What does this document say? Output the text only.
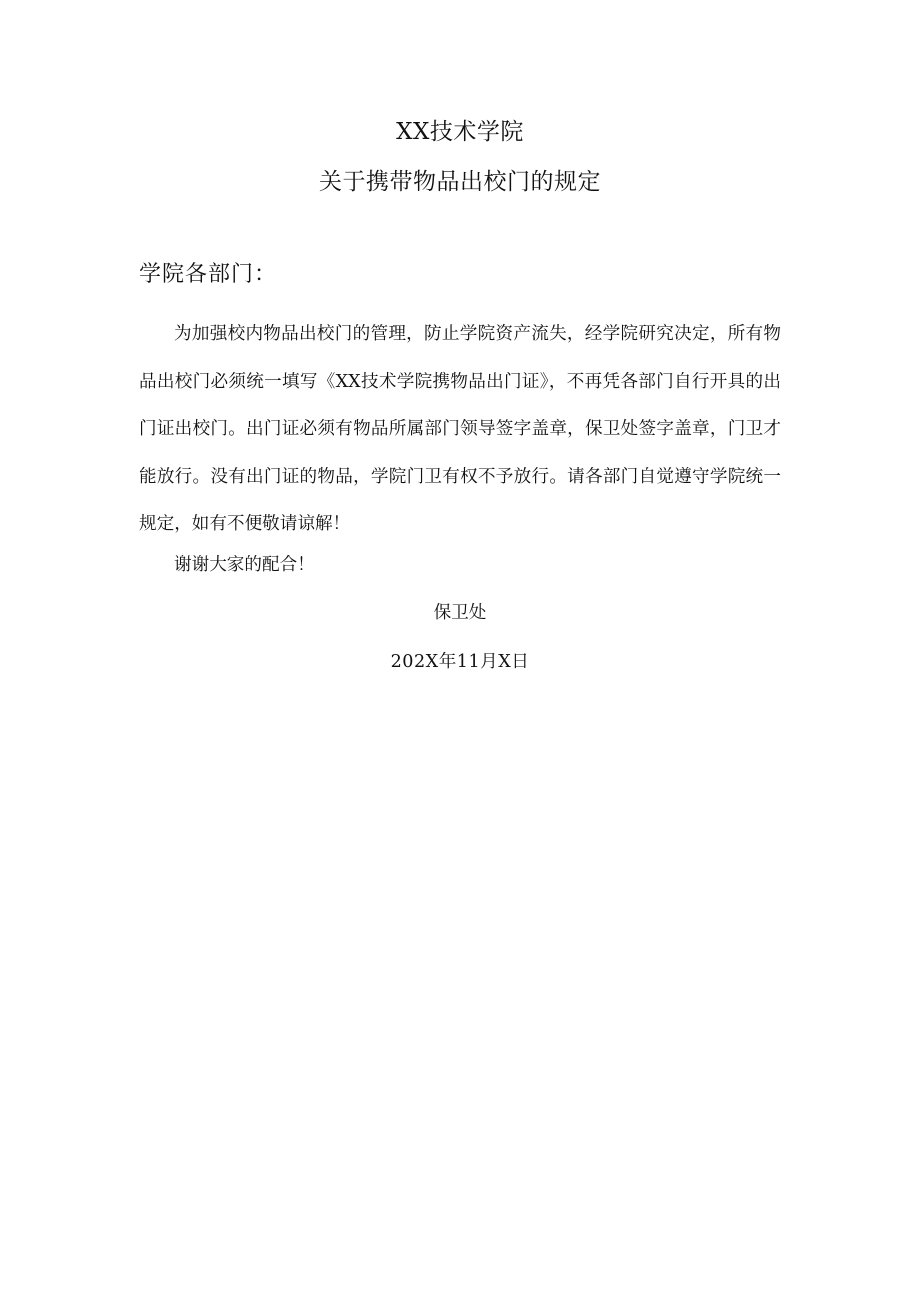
XX技术学院
关于携带物品出校门的规定
学院各部门：

为加强校内物品出校门的管理，防止学院资产流失，经学院研究决定，所有物品出校门必须统一填写《XX技术学院携物品出门证》，不再凭各部门自行开具的出门证出校门。出门证必须有物品所属部门领导签字盖章，保卫处签字盖章，门卫才能放行。没有出门证的物品，学院门卫有权不予放行。请各部门自觉遵守学院统一规定，如有不便敬请谅解！

谢谢大家的配合！

保卫处
202X年11月X日
